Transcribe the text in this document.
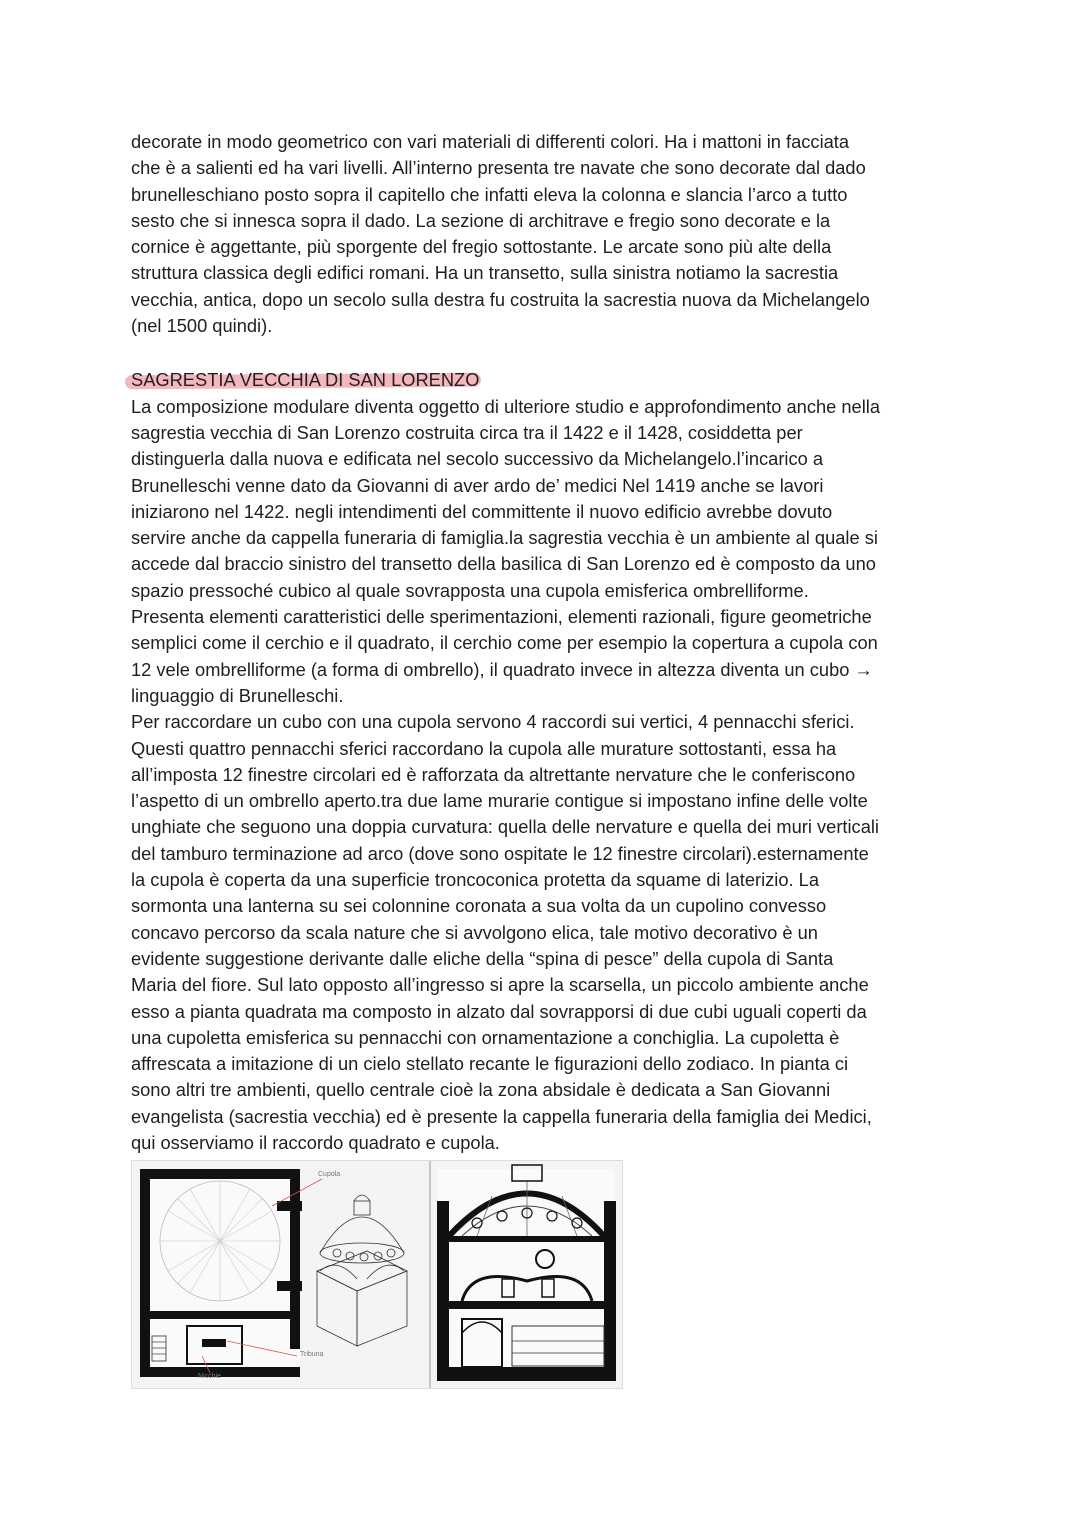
decorate in modo geometrico con vari materiali di differenti colori. Ha i mattoni in facciata
che è a salienti ed ha vari livelli. All’interno presenta tre navate che sono decorate dal dado
brunelleschiano posto sopra il capitello che infatti eleva la colonna e slancia l’arco a tutto
sesto che si innesca sopra il dado. La sezione di architrave e fregio sono decorate e la
cornice è aggettante, più sporgente del fregio sottostante. Le arcate sono più alte della
struttura classica degli edifici romani. Ha un transetto, sulla sinistra notiamo la sacrestia
vecchia, antica, dopo un secolo sulla destra fu costruita la sacrestia nuova da Michelangelo
(nel 1500 quindi).

SAGRESTIA VECCHIA DI SAN LORENZO

La composizione modulare diventa oggetto di ulteriore studio e approfondimento anche nella
sagrestia vecchia di San Lorenzo costruita circa tra il 1422 e il 1428, cosiddetta per
distinguerla dalla nuova e edificata nel secolo successivo da Michelangelo.l’incarico a
Brunelleschi venne dato da Giovanni di aver ardo de’ medici Nel 1419 anche se lavori
iniziarono nel 1422. negli intendimenti del committente il nuovo edificio avrebbe dovuto
servire anche da cappella funeraria di famiglia.la sagrestia vecchia è un ambiente al quale si
accede dal braccio sinistro del transetto della basilica di San Lorenzo ed è composto da uno
spazio pressoché cubico al quale sovrapposta una cupola emisferica ombrelliforme.
Presenta elementi caratteristici delle sperimentazioni, elementi razionali, figure geometriche
semplici come il cerchio e il quadrato, il cerchio come per esempio la copertura a cupola con
12 vele ombrelliforme (a forma di ombrello), il quadrato invece in altezza diventa un cubo →
linguaggio di Brunelleschi.
Per raccordare un cubo con una cupola servono 4 raccordi sui vertici, 4 pennacchi sferici.
Questi quattro pennacchi sferici raccordano la cupola alle murature sottostanti, essa ha
all’imposta 12 finestre circolari ed è rafforzata da altrettante nervature che le conferiscono
l’aspetto di un ombrello aperto.tra due lame murarie contigue si impostano infine delle volte
unghiate che seguono una doppia curvatura: quella delle nervature e quella dei muri verticali
del tamburo terminazione ad arco (dove sono ospitate le 12 finestre circolari).esternamente
la cupola è coperta da una superficie troncoconica protetta da squame di laterizio. La
sormonta una lanterna su sei colonnine coronata a sua volta da un cupolino convesso
concavo percorso da scala nature che si avvolgono elica, tale motivo decorativo è un
evidente suggestione derivante dalle eliche della “spina di pesce” della cupola di Santa
Maria del fiore. Sul lato opposto all’ingresso si apre la scarsella, un piccolo ambiente anche
esso a pianta quadrata ma composto in alzato dal sovrapporsi di due cubi uguali coperti da
una cupoletta emisferica su pennacchi con ornamentazione a conchiglia. La cupoletta è
affrescata a imitazione di un cielo stellato recante le figurazioni dello zodiaco. In pianta ci
sono altri tre ambienti, quello centrale cioè la zona absidale è dedicata a San Giovanni
evangelista (sacrestia vecchia) ed è presente la cappella funeraria della famiglia dei Medici,
qui osserviamo il raccordo quadrato e cupola.

Cupola
Tribuna
Nicchie
